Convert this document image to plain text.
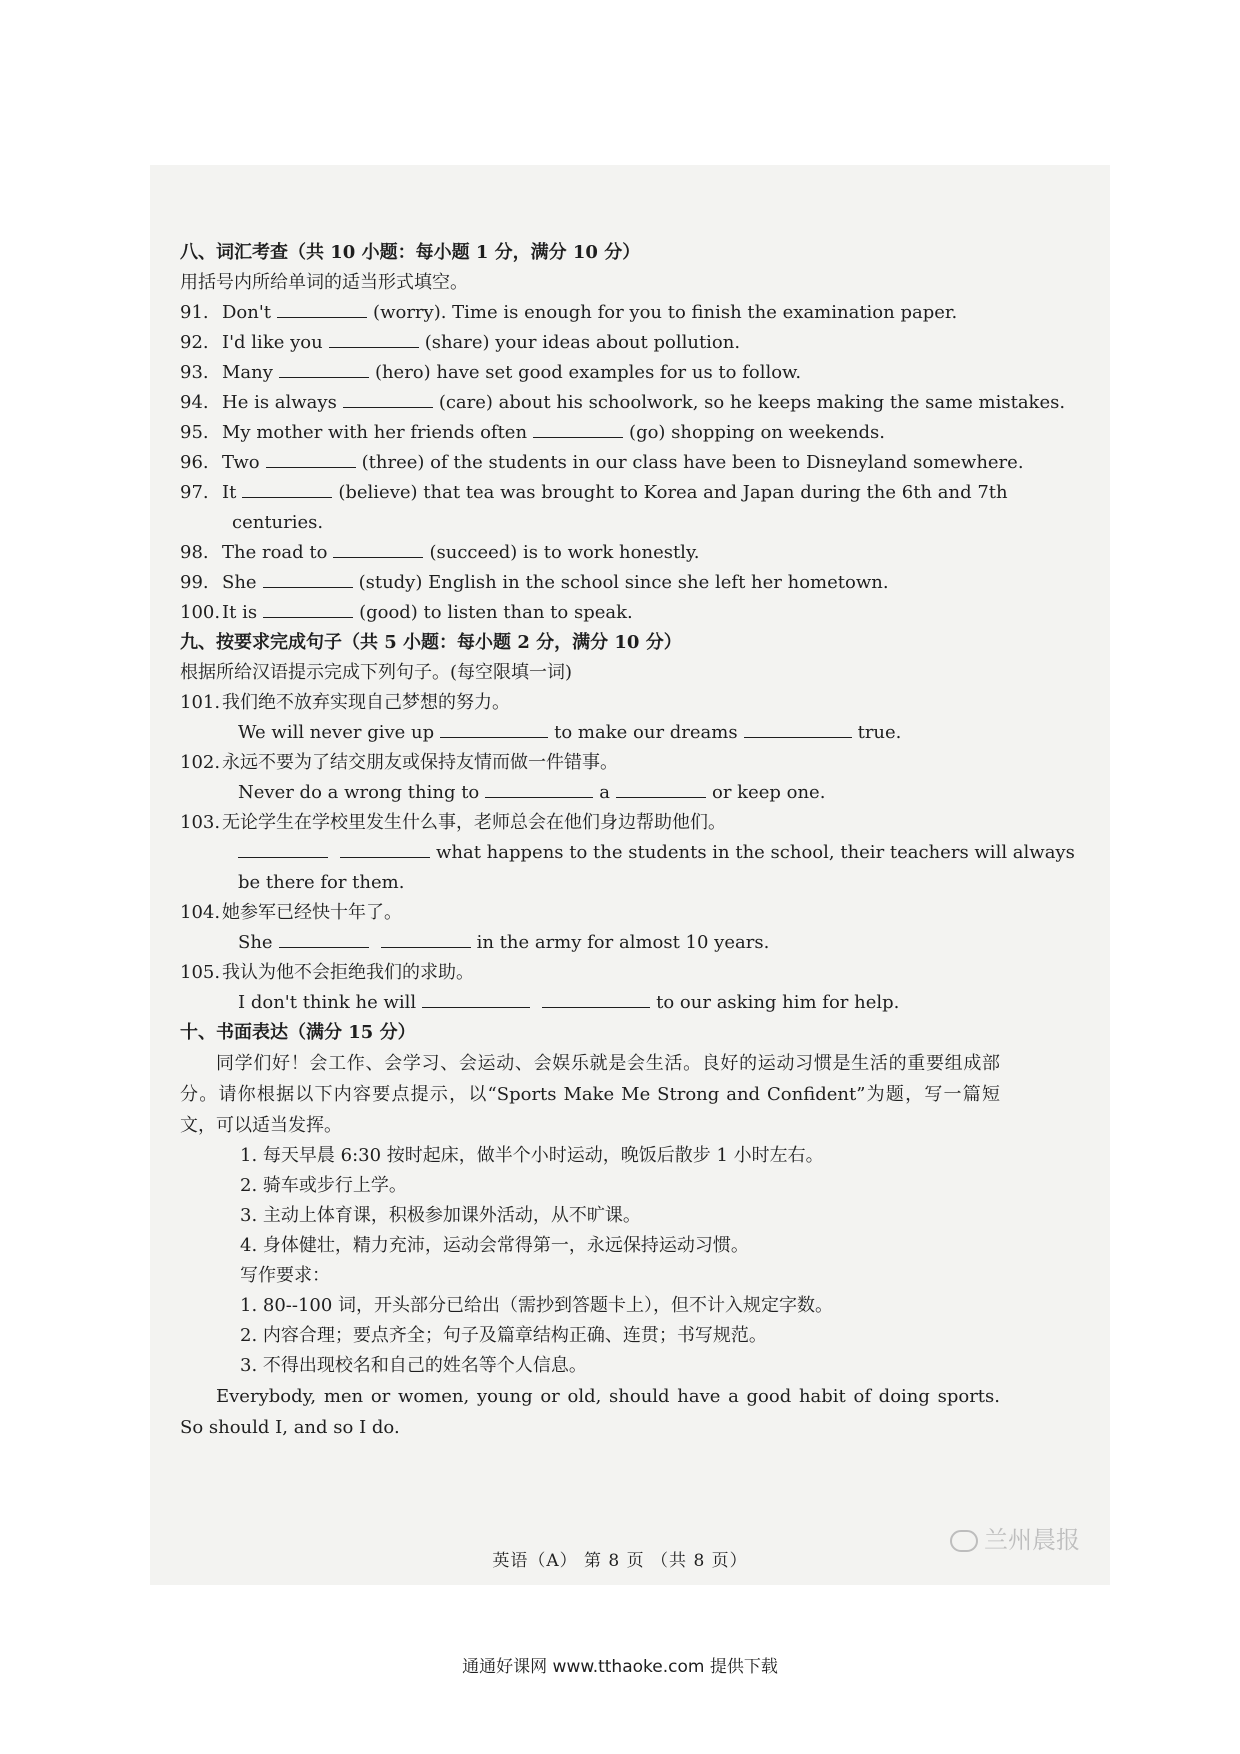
八、词汇考查（共 10 小题：每小题 1 分，满分 10 分）
用括号内所给单词的适当形式填空。
91. Don't	(worry). Time is enough for you to finish the examination paper.
92. I'd like you	(share) your ideas about pollution.
93. Many	(hero) have set good examples for us to follow.
94. He is always	(care) about his schoolwork, so he keeps making the same mistakes.
95. My mother with her friends often	(go) shopping on weekends.
96. Two	(three) of the students in our class have been to Disneyland somewhere.
97. It	(believe) that tea was brought to Korea and Japan during the 6th and 7th
centuries.
98. The road to	(succeed) is to work honestly.
99. She	(study) English in the school since she left her hometown.
100. It is	(good) to listen than to speak.
九、按要求完成句子（共 5 小题：每小题 2 分，满分 10 分）
根据所给汉语提示完成下列句子。(每空限填一词)
101. 我们绝不放弃实现自己梦想的努力。
We will never give up	to make our dreams	true.
102. 永远不要为了结交朋友或保持友情而做一件错事。
Never do a wrong thing to	a	or keep one.
103. 无论学生在学校里发生什么事，老师总会在他们身边帮助他们。
what happens to the students in the school, their teachers will always
be there for them.
104. 她参军已经快十年了。
She	in the army for almost 10 years.
105. 我认为他不会拒绝我们的求助。
I don't think he will	to our asking him for help.
十、书面表达（满分 15 分）
同学们好！会工作、会学习、会运动、会娱乐就是会生活。良好的运动习惯是生活的重要组成部分。请你根据以下内容要点提示，以“Sports Make Me Strong and Confident”为题，写一篇短文，可以适当发挥。
1. 每天早晨 6:30 按时起床，做半个小时运动，晚饭后散步 1 小时左右。
2. 骑车或步行上学。
3. 主动上体育课，积极参加课外活动，从不旷课。
4. 身体健壮，精力充沛，运动会常得第一，永远保持运动习惯。
写作要求：
1. 80--100 词，开头部分已给出（需抄到答题卡上），但不计入规定字数。
2. 内容合理；要点齐全；句子及篇章结构正确、连贯；书写规范。
3. 不得出现校名和自己的姓名等个人信息。
Everybody, men or women, young or old, should have a good habit of doing sports. So should I, and so I do.
英语（A） 第 8 页 （共 8 页）
兰州晨报
通通好课网 www.tthaoke.com 提供下载
